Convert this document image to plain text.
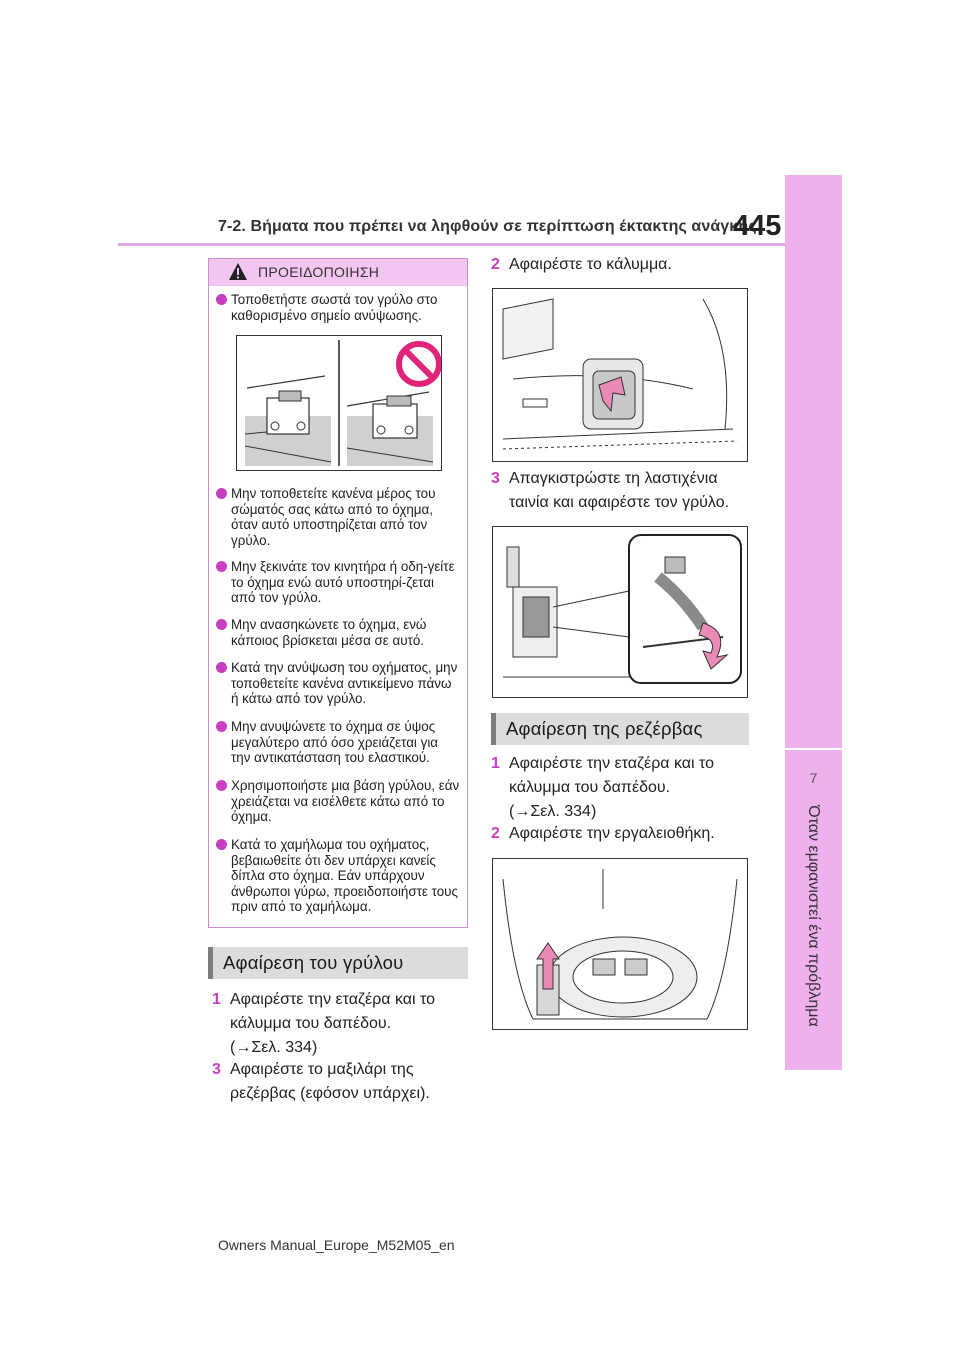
7-2. Βήματα που πρέπει να ληφθούν σε περίπτωση έκτακτης ανάγκης
445
7
Όταν εμφανιστεί ένα πρόβλημα
ΠΡΟΕΙΔΟΠΟΙΗΣΗ
Τοποθετήστε σωστά τον γρύλο στο καθορισμένο σημείο ανύψωσης.
Μην τοποθετείτε κανένα μέρος του σώματός σας κάτω από το όχημα, όταν αυτό υποστηρίζεται από τον γρύλο.
Μην ξεκινάτε τον κινητήρα ή οδη-γείτε το όχημα ενώ αυτό υποστηρί-ζεται από τον γρύλο.
Μην ανασηκώνετε το όχημα, ενώ κάποιος βρίσκεται μέσα σε αυτό.
Κατά την ανύψωση του οχήματος, μην τοποθετείτε κανένα αντικείμενο πάνω ή κάτω από τον γρύλο.
Μην ανυψώνετε το όχημα σε ύψος μεγαλύτερο από όσο χρειάζεται για την αντικατάσταση του ελαστικού.
Χρησιμοποιήστε μια βάση γρύλου, εάν χρειάζεται να εισέλθετε κάτω από το όχημα.
Κατά το χαμήλωμα του οχήματος, βεβαιωθείτε ότι δεν υπάρχει κανείς δίπλα στο όχημα. Εάν υπάρχουν άνθρωποι γύρω, προειδοποιήστε τους πριν από το χαμήλωμα.
Αφαίρεση του γρύλου
1 Αφαιρέστε την εταζέρα και το κάλυμμα του δαπέδου.
(→Σελ. 334)
3 Αφαιρέστε το μαξιλάρι της ρεζέρβας (εφόσον υπάρχει).
2 Αφαιρέστε το κάλυμμα.
3 Απαγκιστρώστε τη λαστιχένια ταινία και αφαιρέστε τον γρύλο.
Αφαίρεση της ρεζέρβας
1 Αφαιρέστε την εταζέρα και το κάλυμμα του δαπέδου.
(→Σελ. 334)
2 Αφαιρέστε την εργαλειοθήκη.
Owners Manual_Europe_M52M05_en
